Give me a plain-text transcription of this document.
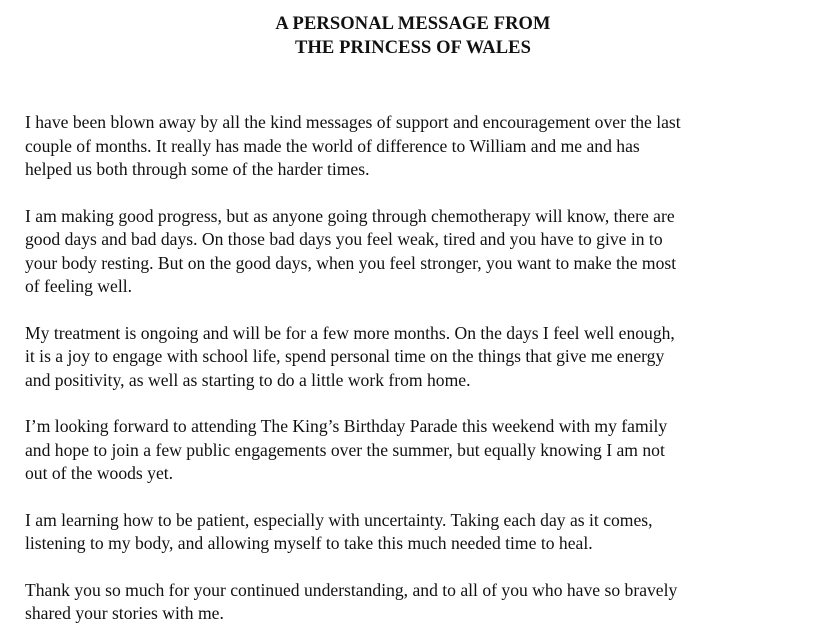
A PERSONAL MESSAGE FROM
THE PRINCESS OF WALES
I have been blown away by all the kind messages of support and encouragement over the last
couple of months. It really has made the world of difference to William and me and has
helped us both through some of the harder times.
I am making good progress, but as anyone going through chemotherapy will know, there are
good days and bad days. On those bad days you feel weak, tired and you have to give in to
your body resting. But on the good days, when you feel stronger, you want to make the most
of feeling well.
My treatment is ongoing and will be for a few more months. On the days I feel well enough,
it is a joy to engage with school life, spend personal time on the things that give me energy
and positivity, as well as starting to do a little work from home.
I’m looking forward to attending The King’s Birthday Parade this weekend with my family
and hope to join a few public engagements over the summer, but equally knowing I am not
out of the woods yet.
I am learning how to be patient, especially with uncertainty. Taking each day as it comes,
listening to my body, and allowing myself to take this much needed time to heal.
Thank you so much for your continued understanding, and to all of you who have so bravely
shared your stories with me.
